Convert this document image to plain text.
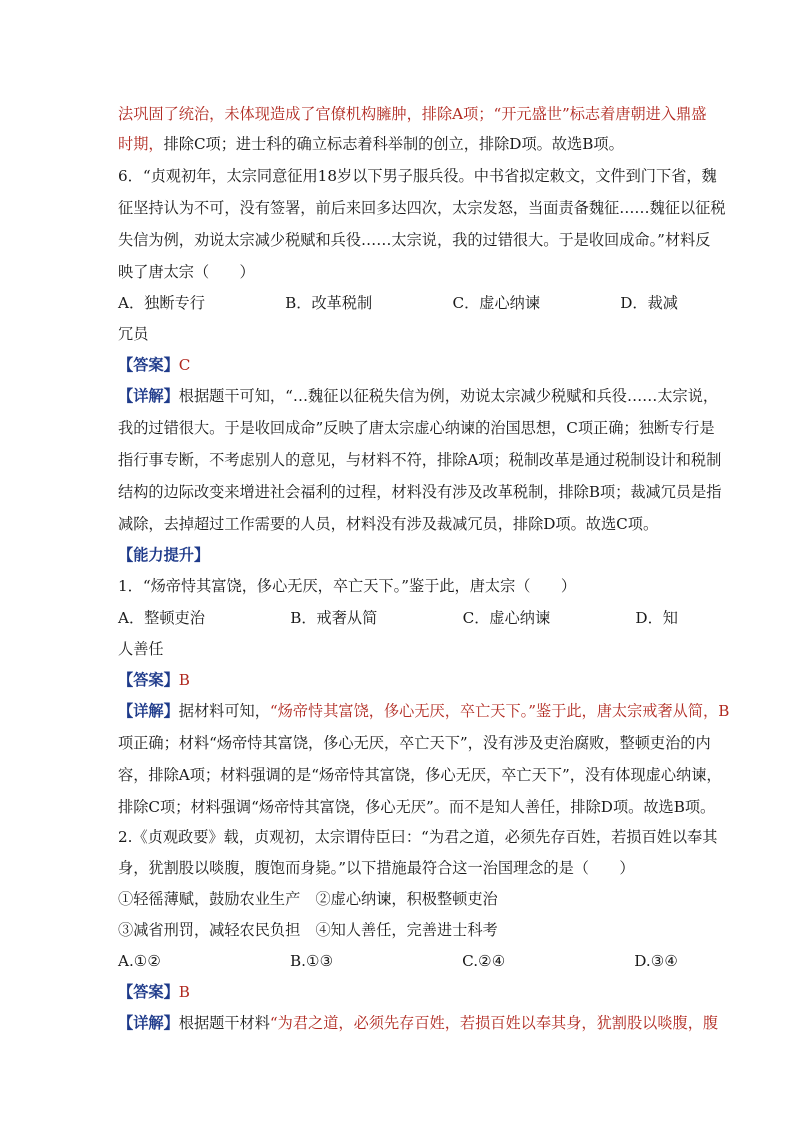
法巩固了统治，未体现造成了官僚机构臃肿，排除A项；“开元盛世”标志着唐朝进入鼎盛
时期，排除C项；进士科的确立标志着科举制的创立，排除D项。故选B项。
6．“贞观初年，太宗同意征用18岁以下男子服兵役。中书省拟定敕文，文件到门下省，魏
征坚持认为不可，没有签署，前后来回多达四次，太宗发怒，当面责备魏征……魏征以征税
失信为例，劝说太宗减少税赋和兵役……太宗说，我的过错很大。于是收回成命。”材料反
映了唐太宗（　　）
A．独断专行	B．改革税制	C．虚心纳谏	D．裁减
冗员
【答案】C
【详解】根据题干可知，“…魏征以征税失信为例，劝说太宗减少税赋和兵役……太宗说，
我的过错很大。于是收回成命”反映了唐太宗虚心纳谏的治国思想，C项正确；独断专行是
指行事专断，不考虑别人的意见，与材料不符，排除A项；税制改革是通过税制设计和税制
结构的边际改变来增进社会福利的过程，材料没有涉及改革税制，排除B项；裁减冗员是指
减除，去掉超过工作需要的人员，材料没有涉及裁减冗员，排除D项。故选C项。
【能力提升】
1．“炀帝恃其富饶，侈心无厌，卒亡天下。”鉴于此，唐太宗（　　）
A．整顿吏治	B．戒奢从简	C．虚心纳谏	D．知
人善任
【答案】B
【详解】据材料可知，“炀帝恃其富饶，侈心无厌，卒亡天下。”鉴于此，唐太宗戒奢从简，B
项正确；材料“炀帝恃其富饶，侈心无厌，卒亡天下”，没有涉及吏治腐败，整顿吏治的内
容，排除A项；材料强调的是“炀帝恃其富饶，侈心无厌，卒亡天下”，没有体现虚心纳谏，
排除C项；材料强调“炀帝恃其富饶，侈心无厌”。而不是知人善任，排除D项。故选B项。
2.《贞观政要》载，贞观初，太宗谓侍臣曰：“为君之道，必须先存百姓，若损百姓以奉其
身，犹割股以啖腹，腹饱而身毙。”以下措施最符合这一治国理念的是（　　）
①轻徭薄赋，鼓励农业生产　②虚心纳谏，积极整顿吏治
③减省刑罚，减轻农民负担　④知人善任，完善进士科考
A.①②	B.①③	C.②④	D.③④
【答案】B
【详解】根据题干材料“为君之道，必须先存百姓，若损百姓以奉其身，犹割股以啖腹，腹
